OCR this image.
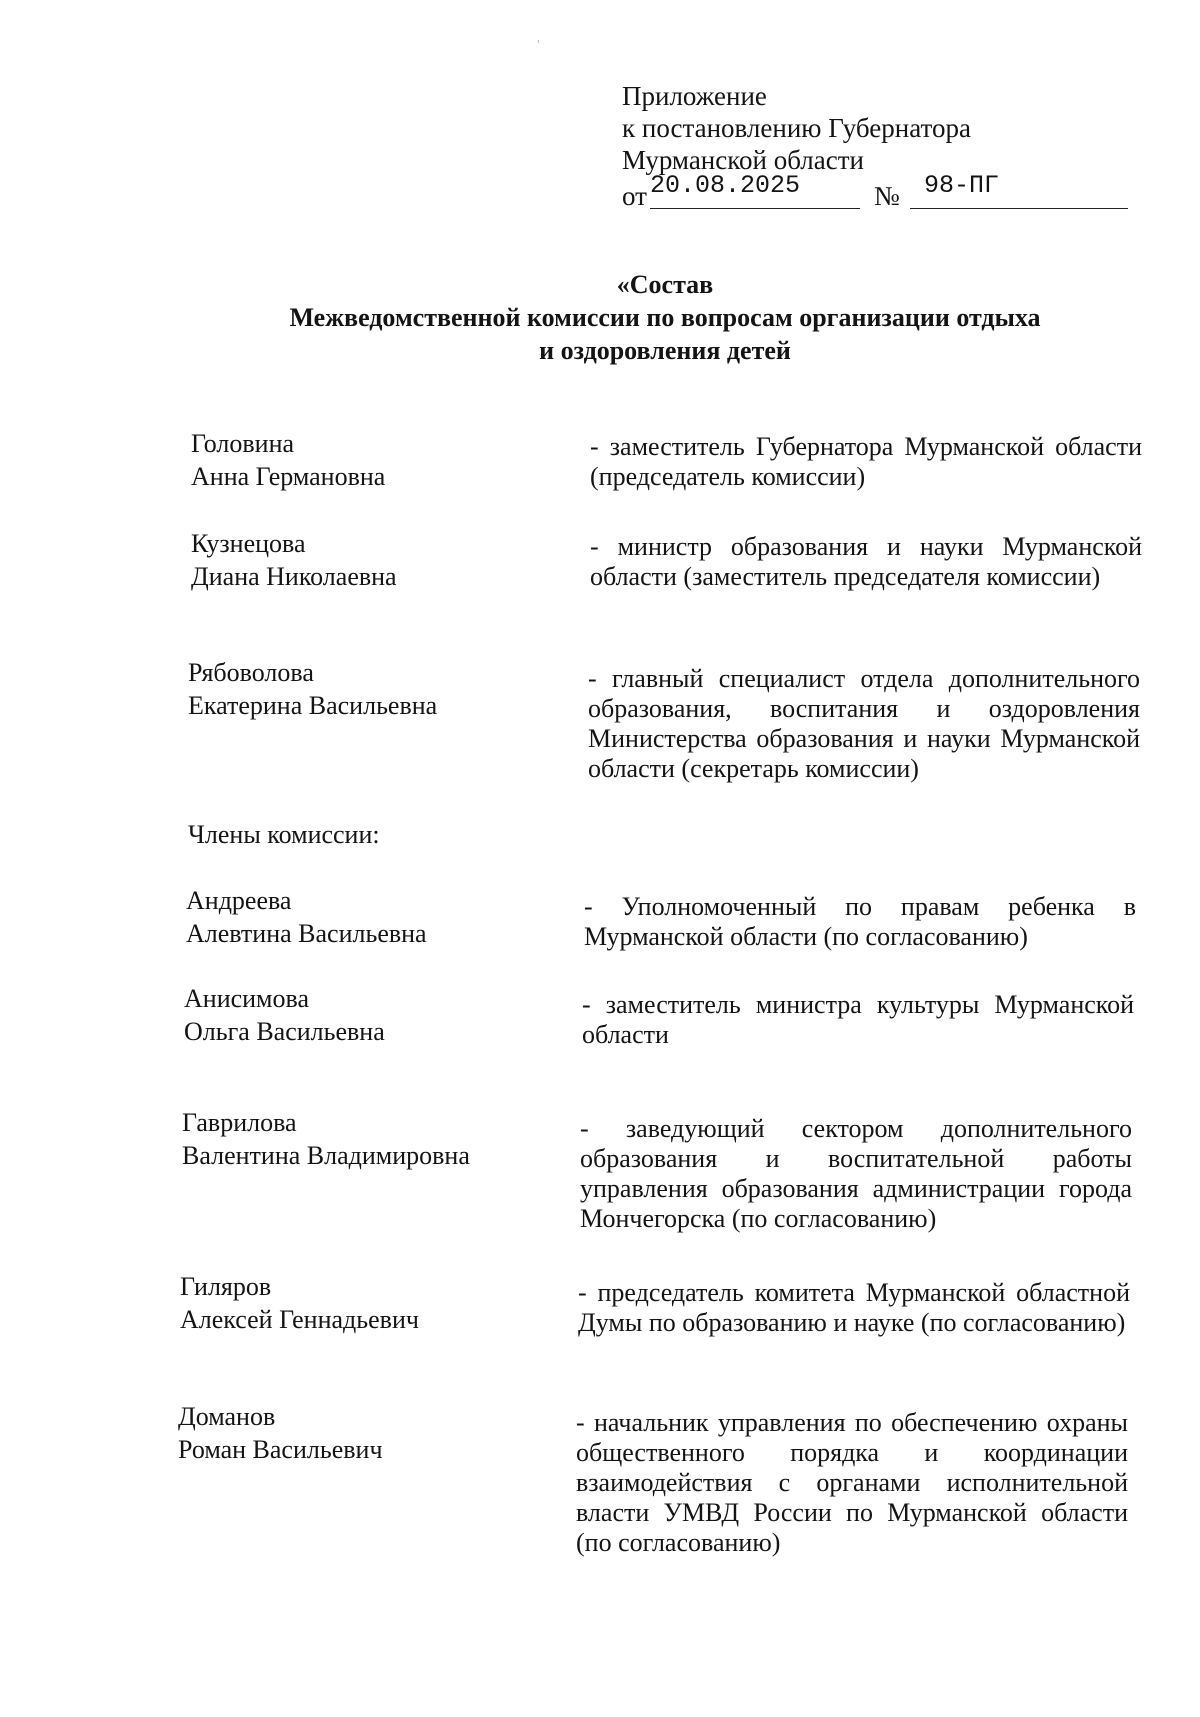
Приложение
к постановлению Губернатора
Мурманской области
от 20.08.2025	№ 98-ПГ
«Состав
Межведомственной комиссии по вопросам организации отдыха
и оздоровления детей
Головина
Анна Германовна
- заместитель Губернатора Мурманской области (председатель комиссии)
Кузнецова
Диана Николаевна
- министр образования и науки Мурманской области (заместитель председателя комиссии)
Рябоволова
Екатерина Васильевна
- главный специалист отдела дополнительного образования, воспитания и оздоровления Министерства образования и науки Мурманской области (секретарь комиссии)
Члены комиссии:
Андреева
Алевтина Васильевна
- Уполномоченный по правам ребенка в Мурманской области (по согласованию)
Анисимова
Ольга Васильевна
- заместитель министра культуры Мурманской области
Гаврилова
Валентина Владимировна
- заведующий сектором дополнительного образования и воспитательной работы управления образования администрации города Мончегорска (по согласованию)
Гиляров
Алексей Геннадьевич
- председатель комитета Мурманской областной Думы по образованию и науке (по согласованию)
Доманов
Роман Васильевич
- начальник управления по обеспечению охраны общественного порядка и координации взаимодействия с органами исполнительной власти УМВД России по Мурманской области (по согласованию)
